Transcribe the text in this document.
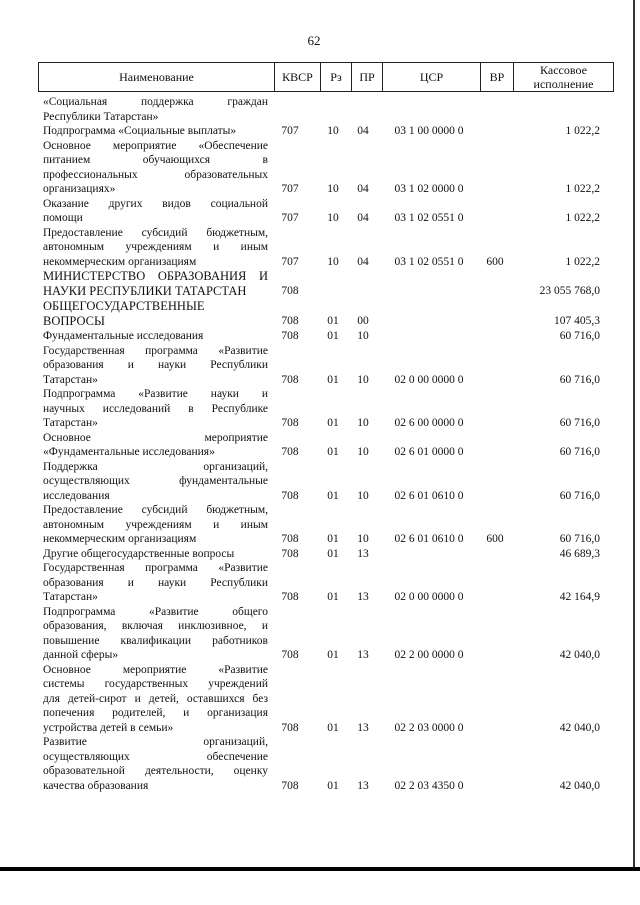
62
Наименование	КВСР	Рз	ПР	ЦСР	ВР	Кассовое исполнение
«Социальная поддержка граждан
Республики Татарстан»
Подпрограмма «Социальные выплаты»	707	10	04	03 1 00 0000 0	1 022,2
Основное мероприятие «Обеспечение
питанием обучающихся в
профессиональных образовательных
организациях»	707	10	04	03 1 02 0000 0	1 022,2
Оказание других видов социальной
помощи	707	10	04	03 1 02 0551 0	1 022,2
Предоставление субсидий бюджетным,
автономным учреждениям и иным
некоммерческим организациям	707	10	04	03 1 02 0551 0	600	1 022,2
МИНИСТЕРСТВО ОБРАЗОВАНИЯ И
НАУКИ РЕСПУБЛИКИ ТАТАРСТАН	708	23 055 768,0
ОБЩЕГОСУДАРСТВЕННЫЕ
ВОПРОСЫ	708	01	00	107 405,3
Фундаментальные исследования	708	01	10	60 716,0
Государственная программа «Развитие
образования и науки Республики
Татарстан»	708	01	10	02 0 00 0000 0	60 716,0
Подпрограмма «Развитие науки и
научных исследований в Республике
Татарстан»	708	01	10	02 6 00 0000 0	60 716,0
Основное мероприятие
«Фундаментальные исследования»	708	01	10	02 6 01 0000 0	60 716,0
Поддержка организаций,
осуществляющих фундаментальные
исследования	708	01	10	02 6 01 0610 0	60 716,0
Предоставление субсидий бюджетным,
автономным учреждениям и иным
некоммерческим организациям	708	01	10	02 6 01 0610 0	600	60 716,0
Другие общегосударственные вопросы	708	01	13	46 689,3
Государственная программа «Развитие
образования и науки Республики
Татарстан»	708	01	13	02 0 00 0000 0	42 164,9
Подпрограмма «Развитие общего
образования, включая инклюзивное, и
повышение квалификации работников
данной сферы»	708	01	13	02 2 00 0000 0	42 040,0
Основное мероприятие «Развитие
системы государственных учреждений
для детей-сирот и детей, оставшихся без
попечения родителей, и организация
устройства детей в семьи»	708	01	13	02 2 03 0000 0	42 040,0
Развитие организаций,
осуществляющих обеспечение
образовательной деятельности, оценку
качества образования	708	01	13	02 2 03 4350 0	42 040,0
